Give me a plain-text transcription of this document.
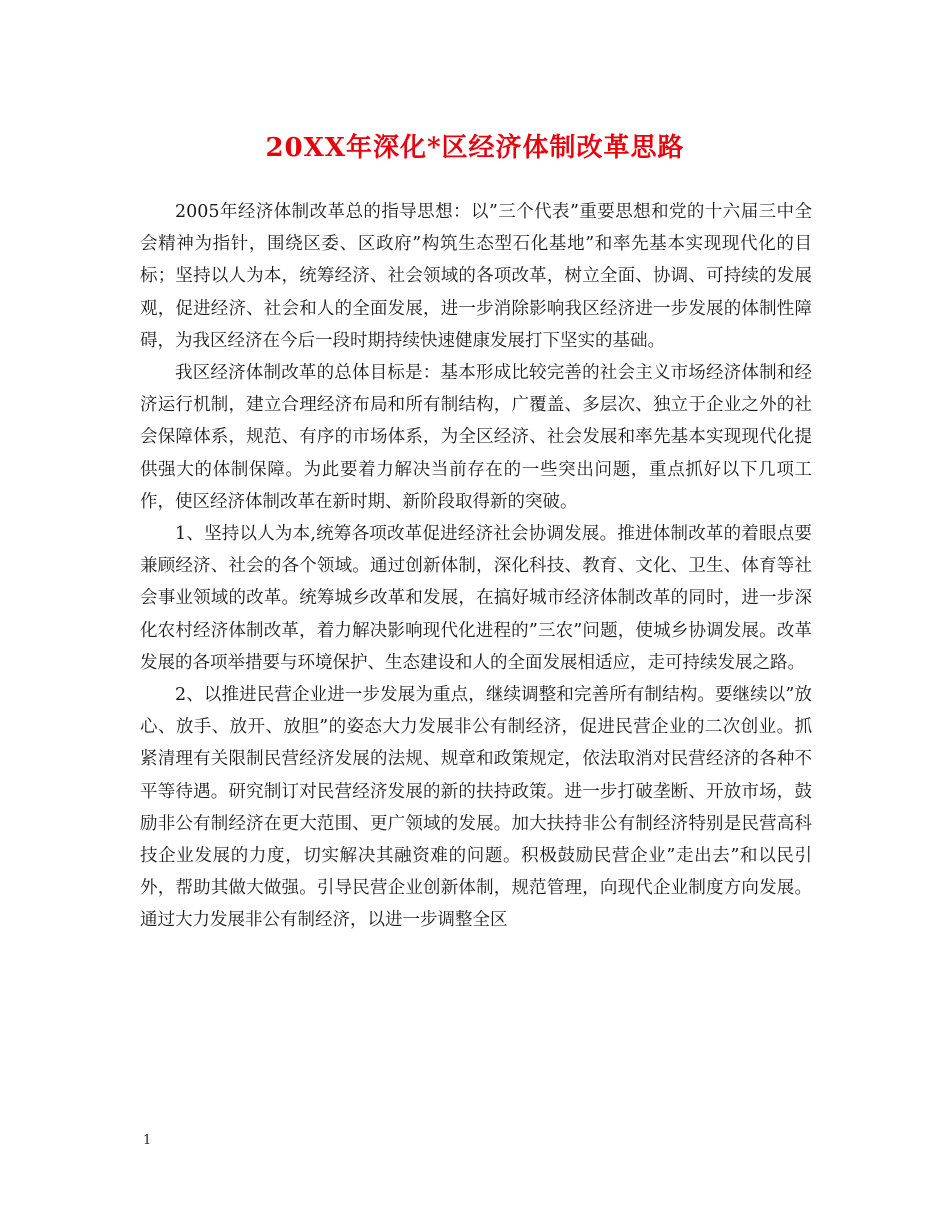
20XX年深化*区经济体制改革思路

2005年经济体制改革总的指导思想：以”三个代表”重要思想和党的十六届三中全会精神为指针，围绕区委、区政府”构筑生态型石化基地”和率先基本实现现代化的目标；坚持以人为本，统筹经济、社会领域的各项改革，树立全面、协调、可持续的发展观，促进经济、社会和人的全面发展，进一步消除影响我区经济进一步发展的体制性障碍，为我区经济在今后一段时期持续快速健康发展打下坚实的基础。

我区经济体制改革的总体目标是：基本形成比较完善的社会主义市场经济体制和经济运行机制，建立合理经济布局和所有制结构，广覆盖、多层次、独立于企业之外的社会保障体系，规范、有序的市场体系，为全区经济、社会发展和率先基本实现现代化提供强大的体制保障。为此要着力解决当前存在的一些突出问题，重点抓好以下几项工作，使区经济体制改革在新时期、新阶段取得新的突破。

1、坚持以人为本,统筹各项改革促进经济社会协调发展。推进体制改革的着眼点要兼顾经济、社会的各个领域。通过创新体制，深化科技、教育、文化、卫生、体育等社会事业领域的改革。统筹城乡改革和发展，在搞好城市经济体制改革的同时，进一步深化农村经济体制改革，着力解决影响现代化进程的”三农”问题，使城乡协调发展。改革发展的各项举措要与环境保护、生态建设和人的全面发展相适应，走可持续发展之路。

2、以推进民营企业进一步发展为重点，继续调整和完善所有制结构。要继续以”放心、放手、放开、放胆”的姿态大力发展非公有制经济，促进民营企业的二次创业。抓紧清理有关限制民营经济发展的法规、规章和政策规定，依法取消对民营经济的各种不平等待遇。研究制订对民营经济发展的新的扶持政策。进一步打破垄断、开放市场，鼓励非公有制经济在更大范围、更广领域的发展。加大扶持非公有制经济特别是民营高科技企业发展的力度，切实解决其融资难的问题。积极鼓励民营企业”走出去”和以民引外，帮助其做大做强。引导民营企业创新体制，规范管理，向现代企业制度方向发展。通过大力发展非公有制经济，以进一步调整全区

1
